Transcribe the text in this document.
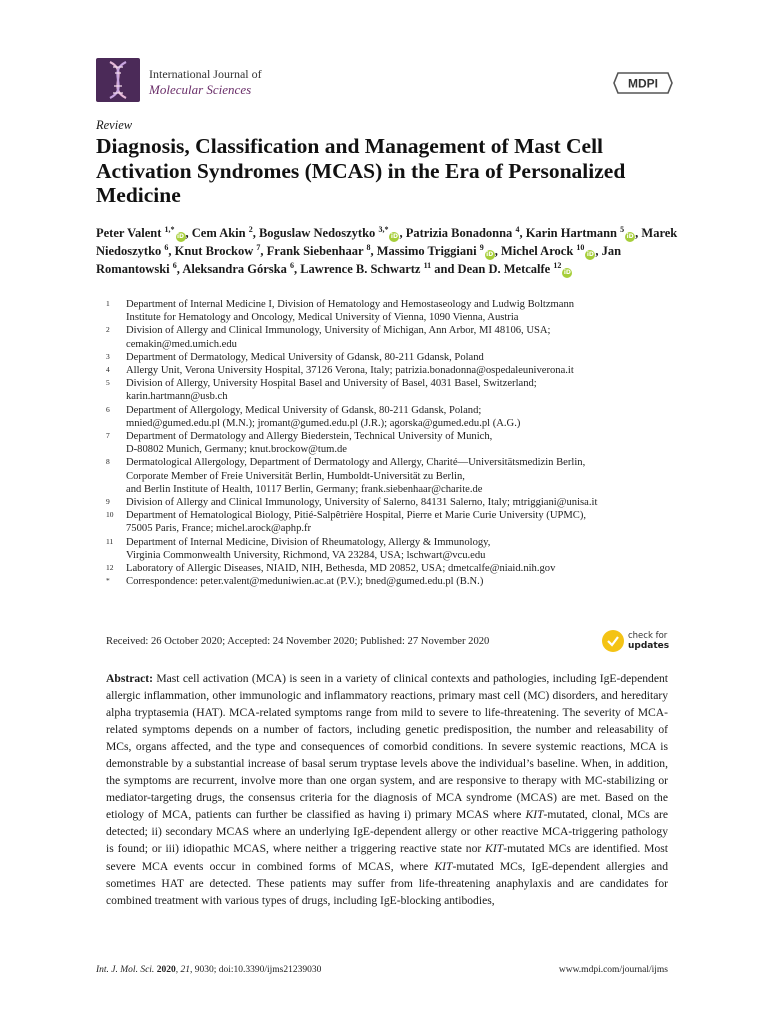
International Journal of
Molecular Sciences	MDPI
Review
Diagnosis, Classification and Management of Mast Cell Activation Syndromes (MCAS) in the Era of Personalized Medicine
Peter Valent $^{1,*}$iD, Cem Akin $^2$, Boguslaw Nedoszytko $^{3,*}$iD, Patrizia Bonadonna $^4$, Karin Hartmann $^5$iD, Marek Niedoszytko $^6$, Knut Brockow $^7$, Frank Siebenhaar $^8$, Massimo Triggiani $^9$iD, Michel Arock $^{10}$iD, Jan Romantowski $^6$, Aleksandra Górska $^6$, Lawrence B. Schwartz $^{11}$ and Dean D. Metcalfe $^{12}$iD
1	Department of Internal Medicine I, Division of Hematology and Hemostaseology and Ludwig Boltzmann
Institute for Hematology and Oncology, Medical University of Vienna, 1090 Vienna, Austria
2	Division of Allergy and Clinical Immunology, University of Michigan, Ann Arbor, MI 48106, USA;
cemakin@med.umich.edu
3	Department of Dermatology, Medical University of Gdansk, 80-211 Gdansk, Poland
4	Allergy Unit, Verona University Hospital, 37126 Verona, Italy; patrizia.bonadonna@ospedaleuniverona.it
5	Division of Allergy, University Hospital Basel and University of Basel, 4031 Basel, Switzerland;
karin.hartmann@usb.ch
6	Department of Allergology, Medical University of Gdansk, 80-211 Gdansk, Poland;
mnied@gumed.edu.pl (M.N.); jromant@gumed.edu.pl (J.R.); agorska@gumed.edu.pl (A.G.)
7	Department of Dermatology and Allergy Biederstein, Technical University of Munich,
D-80802 Munich, Germany; knut.brockow@tum.de
8	Dermatological Allergology, Department of Dermatology and Allergy, Charité—Universitätsmedizin Berlin,
Corporate Member of Freie Universität Berlin, Humboldt-Universität zu Berlin,
and Berlin Institute of Health, 10117 Berlin, Germany; frank.siebenhaar@charite.de
9	Division of Allergy and Clinical Immunology, University of Salerno, 84131 Salerno, Italy; mtriggiani@unisa.it
10	Department of Hematological Biology, Pitié-Salpêtrière Hospital, Pierre et Marie Curie University (UPMC),
75005 Paris, France; michel.arock@aphp.fr
11	Department of Internal Medicine, Division of Rheumatology, Allergy & Immunology,
Virginia Commonwealth University, Richmond, VA 23284, USA; lschwart@vcu.edu
12	Laboratory of Allergic Diseases, NIAID, NIH, Bethesda, MD 20852, USA; dmetcalfe@niaid.nih.gov
*	Correspondence: peter.valent@meduniwien.ac.at (P.V.); bned@gumed.edu.pl (B.N.)
Received: 26 October 2020; Accepted: 24 November 2020; Published: 27 November 2020	check for
updates
Abstract: Mast cell activation (MCA) is seen in a variety of clinical contexts and pathologies, including IgE-dependent allergic inflammation, other immunologic and inflammatory reactions, primary mast cell (MC) disorders, and hereditary alpha tryptasemia (HAT). MCA-related symptoms range from mild to severe to life-threatening. The severity of MCA-related symptoms depends on a number of factors, including genetic predisposition, the number and releasability of MCs, organs affected, and the type and consequences of comorbid conditions. In severe systemic reactions, MCA is demonstrable by a substantial increase of basal serum tryptase levels above the individual’s baseline. When, in addition, the symptoms are recurrent, involve more than one organ system, and are responsive to therapy with MC-stabilizing or mediator-targeting drugs, the consensus criteria for the diagnosis of MCA syndrome (MCAS) are met. Based on the etiology of MCA, patients can further be classified as having i) primary MCAS where KIT-mutated, clonal, MCs are detected; ii) secondary MCAS where an underlying IgE-dependent allergy or other reactive MCA-triggering pathology is found; or iii) idiopathic MCAS, where neither a triggering reactive state nor KIT-mutated MCs are identified. Most severe MCA events occur in combined forms of MCAS, where KIT-mutated MCs, IgE-dependent allergies and sometimes HAT are detected. These patients may suffer from life-threatening anaphylaxis and are candidates for combined treatment with various types of drugs, including IgE-blocking antibodies,
Int. J. Mol. Sci. 2020, 21, 9030; doi:10.3390/ijms21239030	www.mdpi.com/journal/ijms
